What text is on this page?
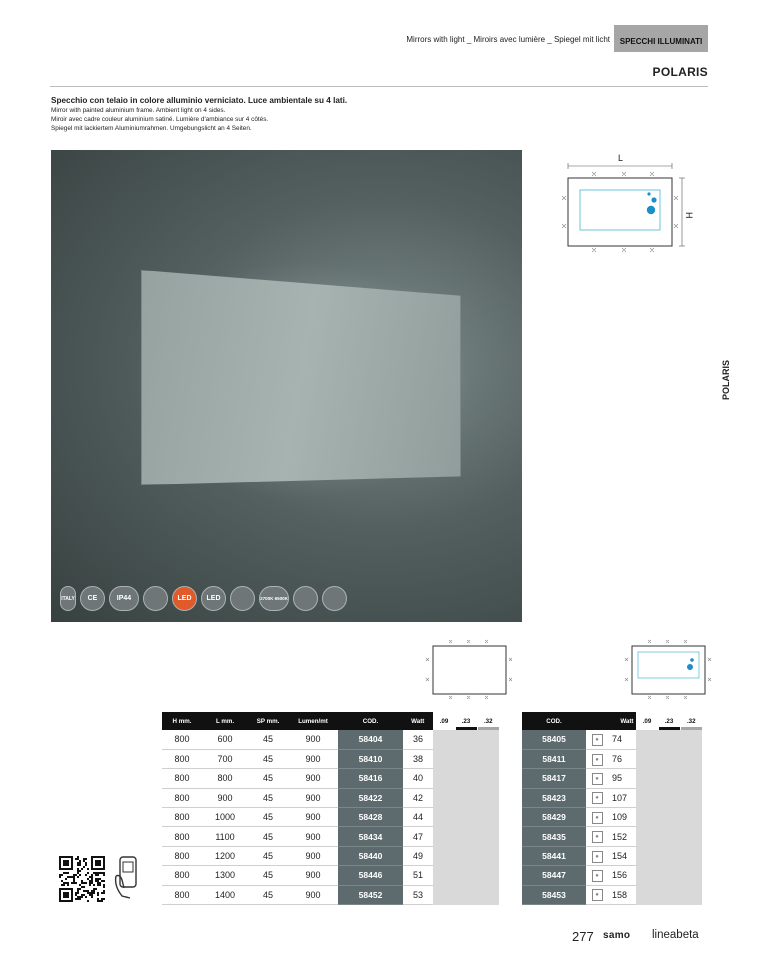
Mirrors with light _ Miroirs avec lumière _ Spiegel mit licht	SPECCHI ILLUMINATI
POLARIS
Specchio con telaio in colore alluminio verniciato. Luce ambientale su 4 lati.
Mirror with painted aluminium frame. Ambient light on 4 sides.
Miroir avec cadre couleur aluminium satiné. Lumière d'ambiance sur 4 côtés.
Spiegel mit lackiertem Aluminiumrahmen. Umgebungslicht an 4 Seiten.
ITALY	CE	IP44	LED	LED	2700K 6500K
POLARIS
L
H
H mm.	L mm.	SP mm.	Lumen/mt	COD.	Watt	.09	.23	.32
800	600	45	900	58404	36			
800	700	45	900	58410	38			
800	800	45	900	58416	40			
800	900	45	900	58422	42			
800	1000	45	900	58428	44			
800	1100	45	900	58434	47			
800	1200	45	900	58440	49			
800	1300	45	900	58446	51			
800	1400	45	900	58452	53			
COD.	Watt		.09	.23	.32
58405	●	74			
58411	●	76			
58417	●	95			
58423	●	107			
58429	●	109			
58435	●	152			
58441	●	154			
58447	●	156			
58453	●	158			
277 samo lineabeta
